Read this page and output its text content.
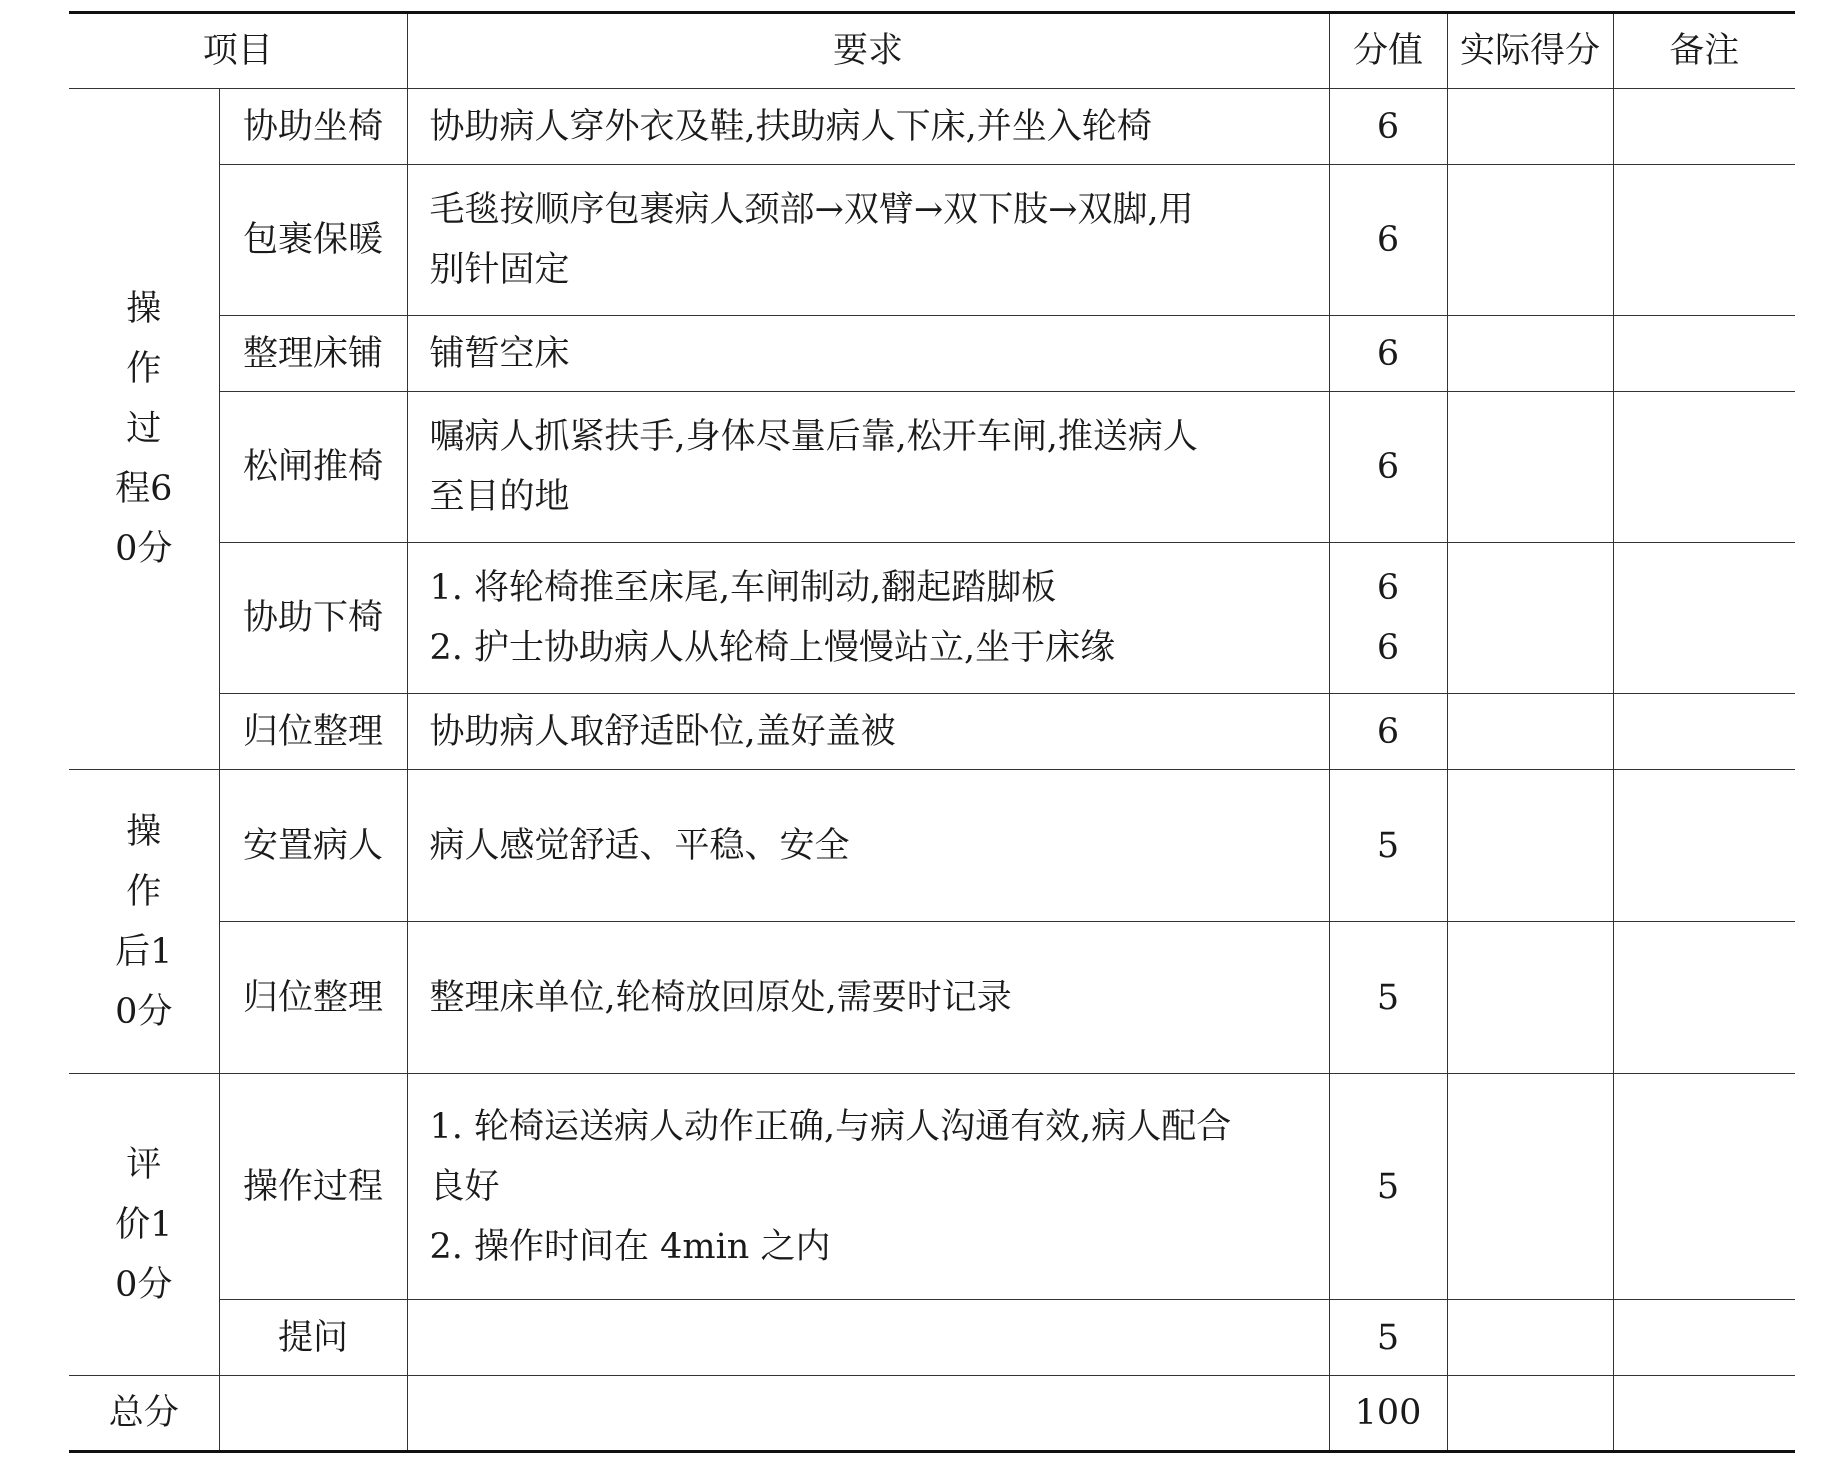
项目		要求	分值	实际得分	备注
操作过程60分	协助坐椅	协助病人穿外衣及鞋,扶助病人下床,并坐入轮椅	6		

	包裹保暖	毛毯按顺序包裹病人颈部→双臂→双下肢→双脚,用
别针固定	6		

	整理床铺	铺暂空床	6		

	松闸推椅	嘱病人抓紧扶手,身体尽量后靠,松开车闸,推送病人
至目的地	6		

	协助下椅	1. 将轮椅推至床尾,车闸制动,翻起踏脚板
2. 护士协助病人从轮椅上慢慢站立,坐于床缘	6
6		

	归位整理	协助病人取舒适卧位,盖好盖被	6		

操作后10分	安置病人	病人感觉舒适、平稳、安全	5		

	归位整理	整理床单位,轮椅放回原处,需要时记录	5		

评价10分	操作过程	1. 轮椅运送病人动作正确,与病人沟通有效,病人配合
良好
2. 操作时间在 4min 之内	5		

	提问		5		

总分			100		
